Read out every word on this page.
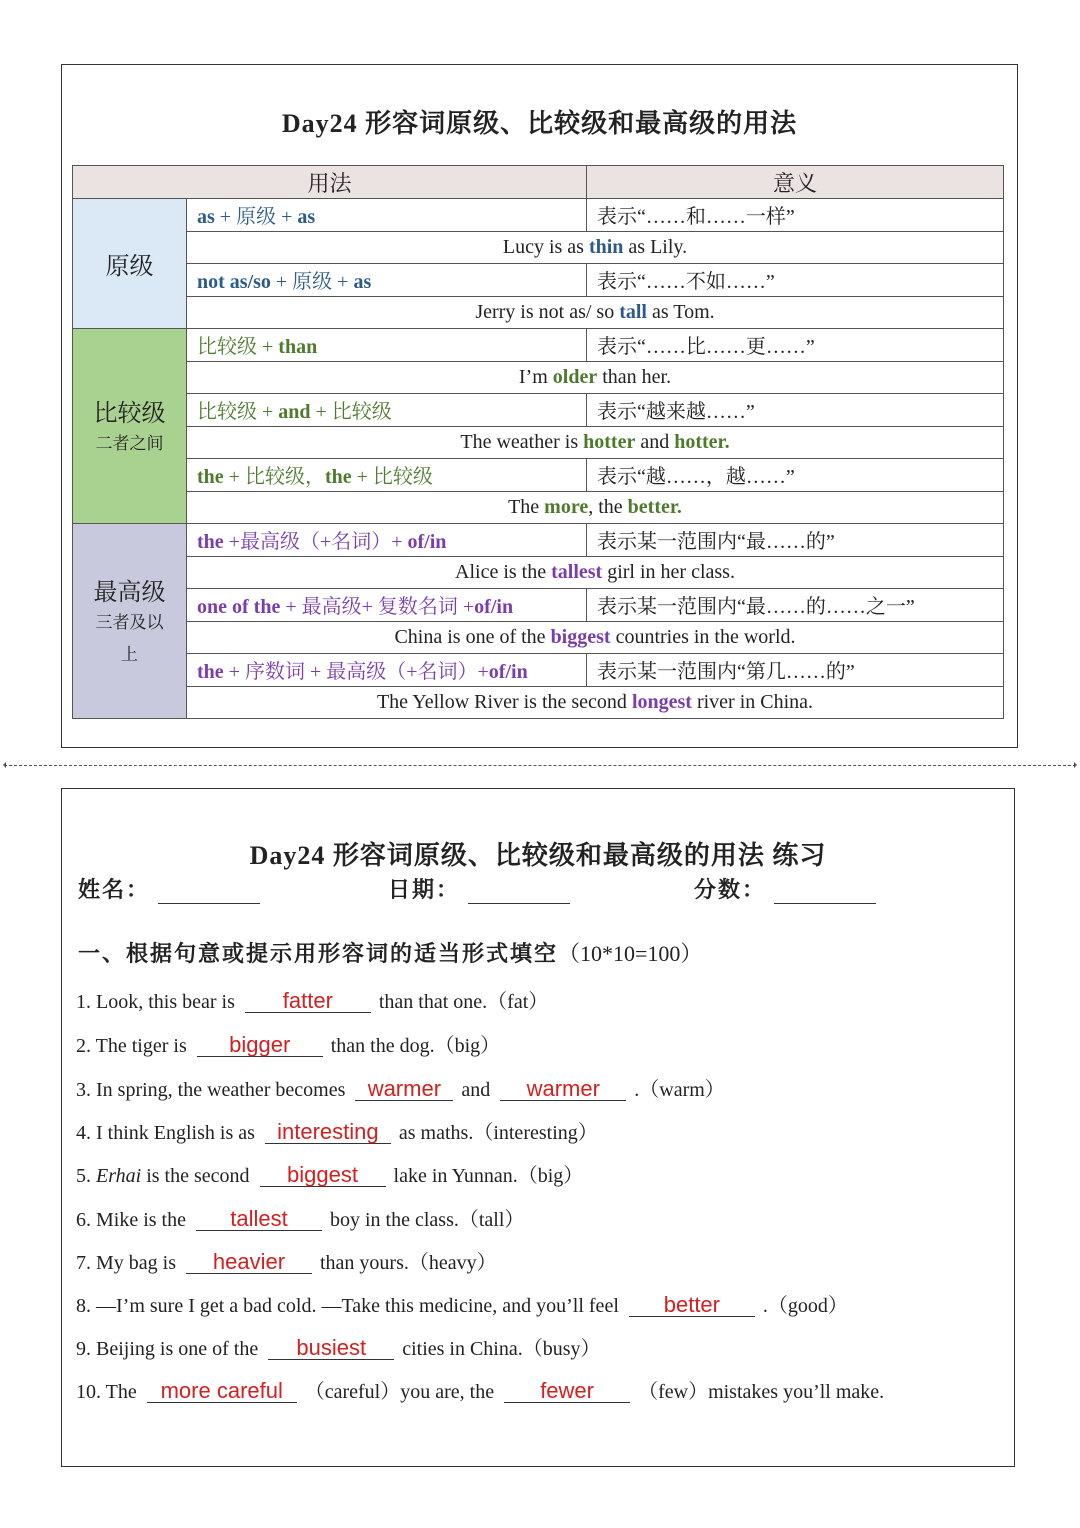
Day24 形容词原级、比较级和最高级的用法
用法		意义

原级	as + 原级 + as	表示“……和……一样”
	Lucy is as thin as Lily.	
	not as/so + 原级 + as	表示“……不如……”
	Jerry is not as/ so tall as Tom.	

比较级
二者之间	比较级 + than	表示“……比……更……”
	I’m older than her.	
	比较级 + and + 比较级	表示“越来越……”
	The weather is hotter and hotter.	
	the + 比较级，the + 比较级	表示“越……，越……”
	The more, the better.	

最高级
三者及以上	the +最高级（+名词）+ of/in	表示某一范围内“最……的”
	Alice is the tallest girl in her class.	
	one of the + 最高级+ 复数名词 +of/in	表示某一范围内“最……的……之一”
	China is one of the biggest countries in the world.	
	the + 序数词 + 最高级（+名词）+of/in	表示某一范围内“第几……的”
	The Yellow River is the second longest river in China.	
Day24 形容词原级、比较级和最高级的用法 练习
姓名：	日期：	分数：
一、根据句意或提示用形容词的适当形式填空（10*10=100）
1. Look, this bear is fatter than that one.（fat）
2. The tiger is bigger than the dog.（big）
3. In spring, the weather becomes warmer and warmer .（warm）
4. I think English is as interesting as maths.（interesting）
5. Erhai is the second biggest lake in Yunnan.（big）
6. Mike is the tallest boy in the class.（tall）
7. My bag is heavier than yours.（heavy）
8. —I’m sure I get a bad cold. —Take this medicine, and you’ll feel better .（good）
9. Beijing is one of the busiest cities in China.（busy）
10. The more careful （careful）you are, the fewer （few）mistakes you’ll make.
